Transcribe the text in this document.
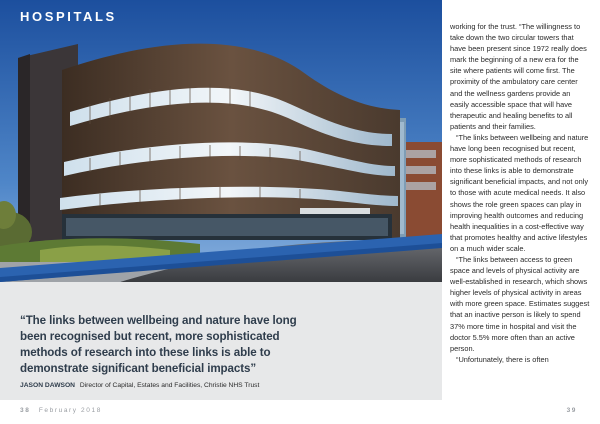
HOSPITALS
“The links between wellbeing and nature have long been recognised but recent, more sophisticated methods of research into these links is able to demonstrate significant beneficial impacts”
JASON DAWSON Director of Capital, Estates and Facilities, Christie NHS Trust
38 February 2018	39

working for the trust. “The willingness to take down the two circular towers that have been present since 1972 really does mark the beginning of a new era for the site where patients will come first. The proximity of the ambulatory care center and the wellness gardens provide an easily accessible space that will have therapeutic and healing benefits to all patients and their families.

“The links between wellbeing and nature have long been recognised but recent, more sophisticated methods of research into these links is able to demonstrate significant beneficial impacts, and not only to those with acute medical needs. It also shows the role green spaces can play in improving health outcomes and reducing health inequalities in a cost-effective way that promotes healthy and active lifestyles on a much wider scale.

“The links between access to green space and levels of physical activity are well-established in research, which shows higher levels of physical activity in areas with more green space. Estimates suggest that an inactive person is likely to spend 37% more time in hospital and visit the doctor 5.5% more often than an active person.

“Unfortunately, there is often
